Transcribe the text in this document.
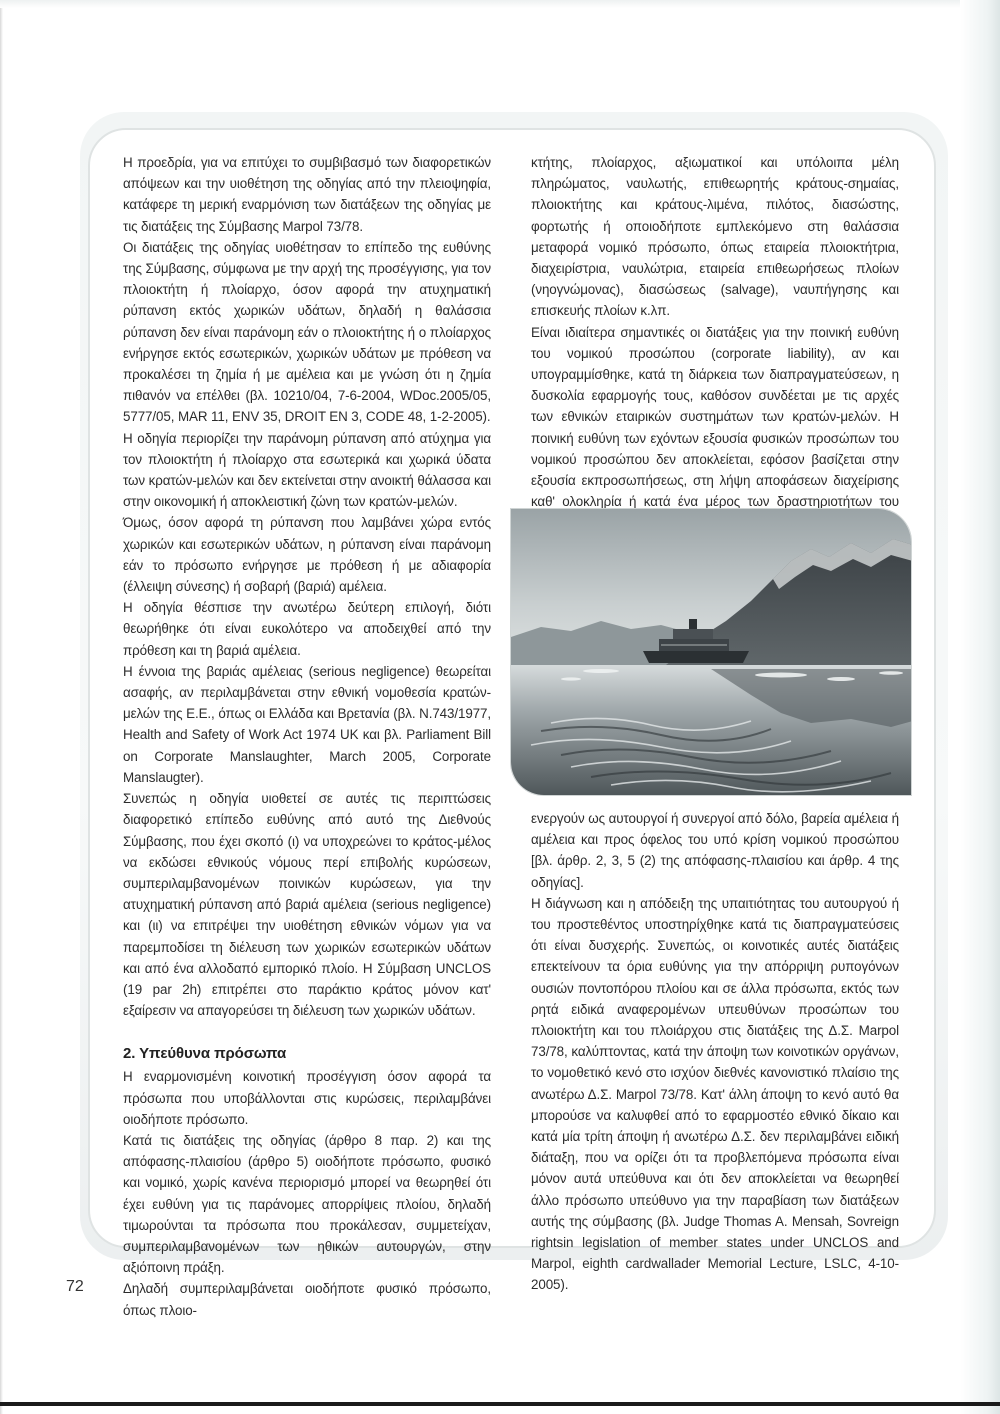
Η προεδρία, για να επιτύχει το συμβιβασμό των διαφορετικών απόψεων και την υιοθέτηση της οδηγίας από την πλειοψηφία, κατάφερε τη μερική εναρμόνιση των διατάξεων της οδηγίας με τις διατάξεις της Σύμβασης Marpol 73/78.

Οι διατάξεις της οδηγίας υιοθέτησαν το επίπεδο της ευθύνης της Σύμβασης, σύμφωνα με την αρχή της προσέγγισης, για τον πλοιοκτήτη ή πλοίαρχο, όσον αφορά την ατυχηματική ρύπανση εκτός χωρικών υδάτων, δηλαδή η θαλάσσια ρύπανση δεν είναι παράνομη εάν ο πλοιοκτήτης ή ο πλοίαρχος ενήργησε εκτός εσωτερικών, χωρικών υδάτων με πρόθεση να προκαλέσει τη ζημία ή με αμέλεια και με γνώση ότι η ζημία πιθανόν να επέλθει (βλ. 10210/04, 7-6-2004, WDoc.2005/05, 5777/05, MAR 11, ENV 35, DROIT EN 3, CODE 48, 1-2-2005).

Η οδηγία περιορίζει την παράνομη ρύπανση από ατύχημα για τον πλοιοκτήτη ή πλοίαρχο στα εσωτερικά και χωρικά ύδατα των κρατών-μελών και δεν εκτείνεται στην ανοικτή θάλασσα και στην οικονομική ή αποκλειστική ζώνη των κρατών-μελών.

Όμως, όσον αφορά τη ρύπανση που λαμβάνει χώρα εντός χωρικών και εσωτερικών υδάτων, η ρύπανση είναι παράνομη εάν το πρόσωπο ενήργησε με πρόθεση ή με αδιαφορία (έλλειψη σύνεσης) ή σοβαρή (βαριά) αμέλεια.

Η οδηγία θέσπισε την ανωτέρω δεύτερη επιλογή, διότι θεωρήθηκε ότι είναι ευκολότερο να αποδειχθεί από την πρόθεση και τη βαριά αμέλεια.

Η έννοια της βαριάς αμέλειας (serious negligence) θεωρείται ασαφής, αν περιλαμβάνεται στην εθνική νομοθεσία κρατών-μελών της Ε.Ε., όπως οι Ελλάδα και Βρετανία (βλ. Ν.743/1977, Health and Safety of Work Act 1974 UK και βλ. Parliament Bill on Corporate Manslaughter, March 2005, Corporate Manslaugter).

Συνεπώς η οδηγία υιοθετεί σε αυτές τις περιπτώσεις διαφορετικό επίπεδο ευθύνης από αυτό της Διεθνούς Σύμβασης, που έχει σκοπό (ι) να υποχρεώνει το κράτος-μέλος να εκδώσει εθνικούς νόμους περί επιβολής κυρώσεων, συμπεριλαμβανομένων ποινικών κυρώσεων, για την ατυχηματική ρύπανση από βαριά αμέλεια (serious negligence) και (ιι) να επιτρέψει την υιοθέτηση εθνικών νόμων για να παρεμποδίσει τη διέλευση των χωρικών εσωτερικών υδάτων και από ένα αλλοδαπό εμπορικό πλοίο. Η Σύμβαση UNCLOS (19 par 2h) επιτρέπει στο παράκτιο κράτος μόνον κατ' εξαίρεσιν να απαγορεύσει τη διέλευση των χωρικών υδάτων.

2. Υπεύθυνα πρόσωπα

Η εναρμονισμένη κοινοτική προσέγγιση όσον αφορά τα πρόσωπα που υποβάλλονται στις κυρώσεις, περιλαμβάνει οιοδήποτε πρόσωπο.

Κατά τις διατάξεις της οδηγίας (άρθρο 8 παρ. 2) και της απόφασης-πλαισίου (άρθρο 5) οιοδήποτε πρόσωπο, φυσικό και νομικό, χωρίς κανένα περιορισμό μπορεί να θεωρηθεί ότι έχει ευθύνη για τις παράνομες απορρίψεις πλοίου, δηλαδή τιμωρούνται τα πρόσωπα που προκάλεσαν, συμμετείχαν, συμπεριλαμβανομένων των ηθικών αυτουργών, στην αξιόποινη πράξη.

Δηλαδή συμπεριλαμβάνεται οιοδήποτε φυσικό πρόσωπο, όπως πλοιο-

κτήτης, πλοίαρχος, αξιωματικοί και υπόλοιπα μέλη πληρώματος, ναυλωτής, επιθεωρητής κράτους-σημαίας, πλοιοκτήτης και κράτους-λιμένα, πιλότος, διασώστης, φορτωτής ή οποιοδήποτε εμπλεκόμενο στη θαλάσσια μεταφορά νομικό πρόσωπο, όπως εταιρεία πλοιοκτήτρια, διαχειρίστρια, ναυλώτρια, εταιρεία επιθεωρήσεως πλοίων (νηογνώμονας), διασώσεως (salvage), ναυπήγησης και επισκευής πλοίων κ.λπ.

Είναι ιδιαίτερα σημαντικές οι διατάξεις για την ποινική ευθύνη του νομικού προσώπου (corporate liability), αν και υπογραμμίσθηκε, κατά τη διάρκεια των διαπραγματεύσεων, η δυσκολία εφαρμογής τους, καθόσον συνδέεται με τις αρχές των εθνικών εταιρικών συστημάτων των κρατών-μελών. Η ποινική ευθύνη των εχόντων εξουσία φυσικών προσώπων του νομικού προσώπου δεν αποκλείεται, εφόσον βασίζεται στην εξουσία εκπροσωπήσεως, στη λήψη αποφάσεων διαχείρισης καθ' ολοκληρία ή κατά ένα μέρος των δραστηριοτήτων του

ενεργούν ως αυτουργοί ή συνεργοί από δόλο, βαρεία αμέλεια ή αμέλεια και προς όφελος του υπό κρίση νομικού προσώπου [βλ. άρθρ. 2, 3, 5 (2) της απόφασης-πλαισίου και άρθρ. 4 της οδηγίας].

Η διάγνωση και η απόδειξη της υπαιτιότητας του αυτουργού ή του προστεθέντος υποστηρίχθηκε κατά τις διαπραγματεύσεις ότι είναι δυσχερής. Συνεπώς, οι κοινοτικές αυτές διατάξεις επεκτείνουν τα όρια ευθύνης για την απόρριψη ρυπογόνων ουσιών ποντοπόρου πλοίου και σε άλλα πρόσωπα, εκτός των ρητά ειδικά αναφερομένων υπευθύνων προσώπων του πλοιοκτήτη και του πλοιάρχου στις διατάξεις της Δ.Σ. Marpol 73/78, καλύπτοντας, κατά την άποψη των κοινοτικών οργάνων, το νομοθετικό κενό στο ισχύον διεθνές κανονιστικό πλαίσιο της ανωτέρω Δ.Σ. Marpol 73/78. Κατ' άλλη άποψη το κενό αυτό θα μπορούσε να καλυφθεί από το εφαρμοστέο εθνικό δίκαιο και κατά μία τρίτη άποψη ή ανωτέρω Δ.Σ. δεν περιλαμβάνει ειδική διάταξη, που να ορίζει ότι τα προβλεπόμενα πρόσωπα είναι μόνον αυτά υπεύθυνα και ότι δεν αποκλείεται να θεωρηθεί άλλο πρόσωπο υπεύθυνο για την παραβίαση των διατάξεων αυτής της σύμβασης (βλ. Judge Thomas A. Mensah, Sovreign rightsin legislation of member states under UNCLOS and Marpol, eighth cardwallader Memorial Lecture, LSLC, 4-10-2005).

72
